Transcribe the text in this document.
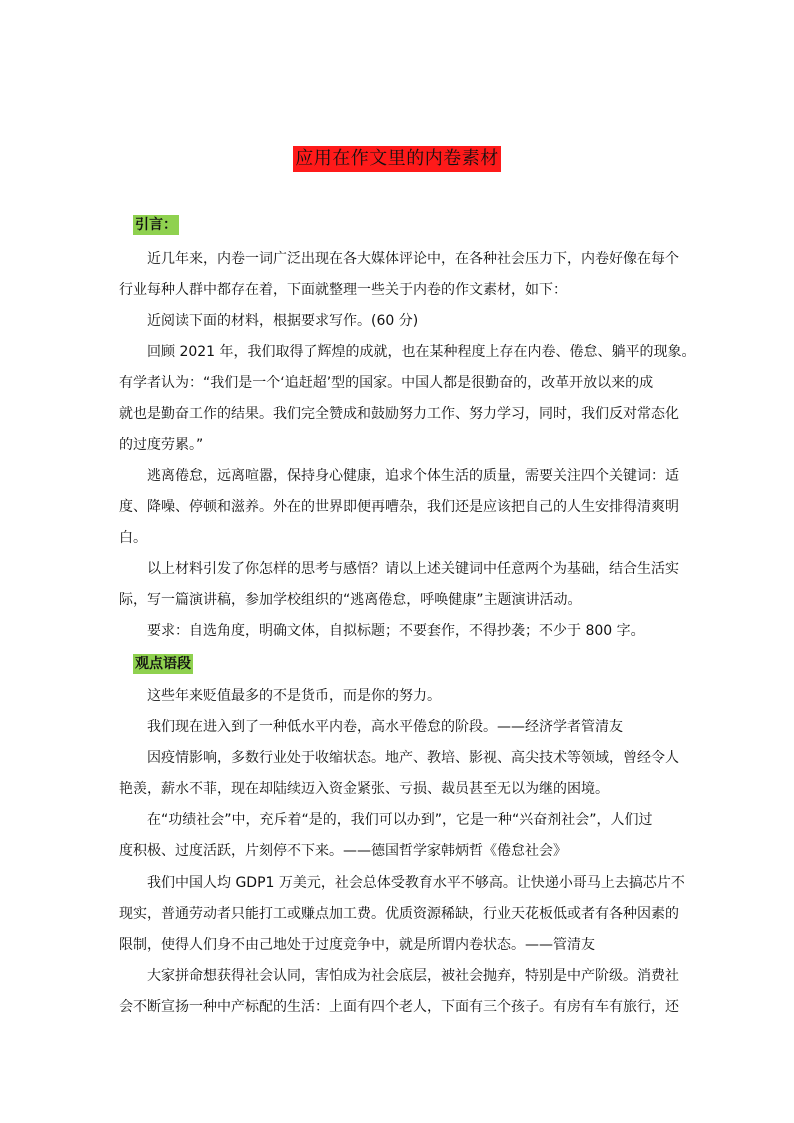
应用在作文里的内卷素材
引言：
近几年来，内卷一词广泛出现在各大媒体评论中，在各种社会压力下，内卷好像在每个
行业每种人群中都存在着，下面就整理一些关于内卷的作文素材，如下：
近阅读下面的材料，根据要求写作。(60 分)
回顾 2021 年，我们取得了辉煌的成就，也在某种程度上存在内卷、倦怠、躺平的现象。
有学者认为：“我们是一个‘追赶超’型的国家。中国人都是很勤奋的，改革开放以来的成
就也是勤奋工作的结果。我们完全赞成和鼓励努力工作、努力学习，同时，我们反对常态化
的过度劳累。”
逃离倦怠，远离喧嚣，保持身心健康，追求个体生活的质量，需要关注四个关键词：适
度、降噪、停顿和滋养。外在的世界即便再嘈杂，我们还是应该把自己的人生安排得清爽明
白。
以上材料引发了你怎样的思考与感悟？请以上述关键词中任意两个为基础，结合生活实
际，写一篇演讲稿，参加学校组织的“逃离倦怠，呼唤健康”主题演讲活动。
要求：自选角度，明确文体，自拟标题；不要套作，不得抄袭；不少于 800 字。
观点语段
这些年来贬值最多的不是货币，而是你的努力。
我们现在进入到了一种低水平内卷，高水平倦怠的阶段。——经济学者管清友
因疫情影响，多数行业处于收缩状态。地产、教培、影视、高尖技术等领域，曾经令人
艳羡，薪水不菲，现在却陆续迈入资金紧张、亏损、裁员甚至无以为继的困境。
在“功绩社会”中，充斥着“是的，我们可以办到”，它是一种“兴奋剂社会”，人们过
度积极、过度活跃，片刻停不下来。——德国哲学家韩炳哲《倦怠社会》
我们中国人均 GDP1 万美元，社会总体受教育水平不够高。让快递小哥马上去搞芯片不
现实，普通劳动者只能打工或赚点加工费。优质资源稀缺，行业天花板低或者有各种因素的
限制，使得人们身不由己地处于过度竞争中，就是所谓内卷状态。——管清友
大家拼命想获得社会认同，害怕成为社会底层，被社会抛弃，特别是中产阶级。消费社
会不断宣扬一种中产标配的生活：上面有四个老人，下面有三个孩子。有房有车有旅行，还
